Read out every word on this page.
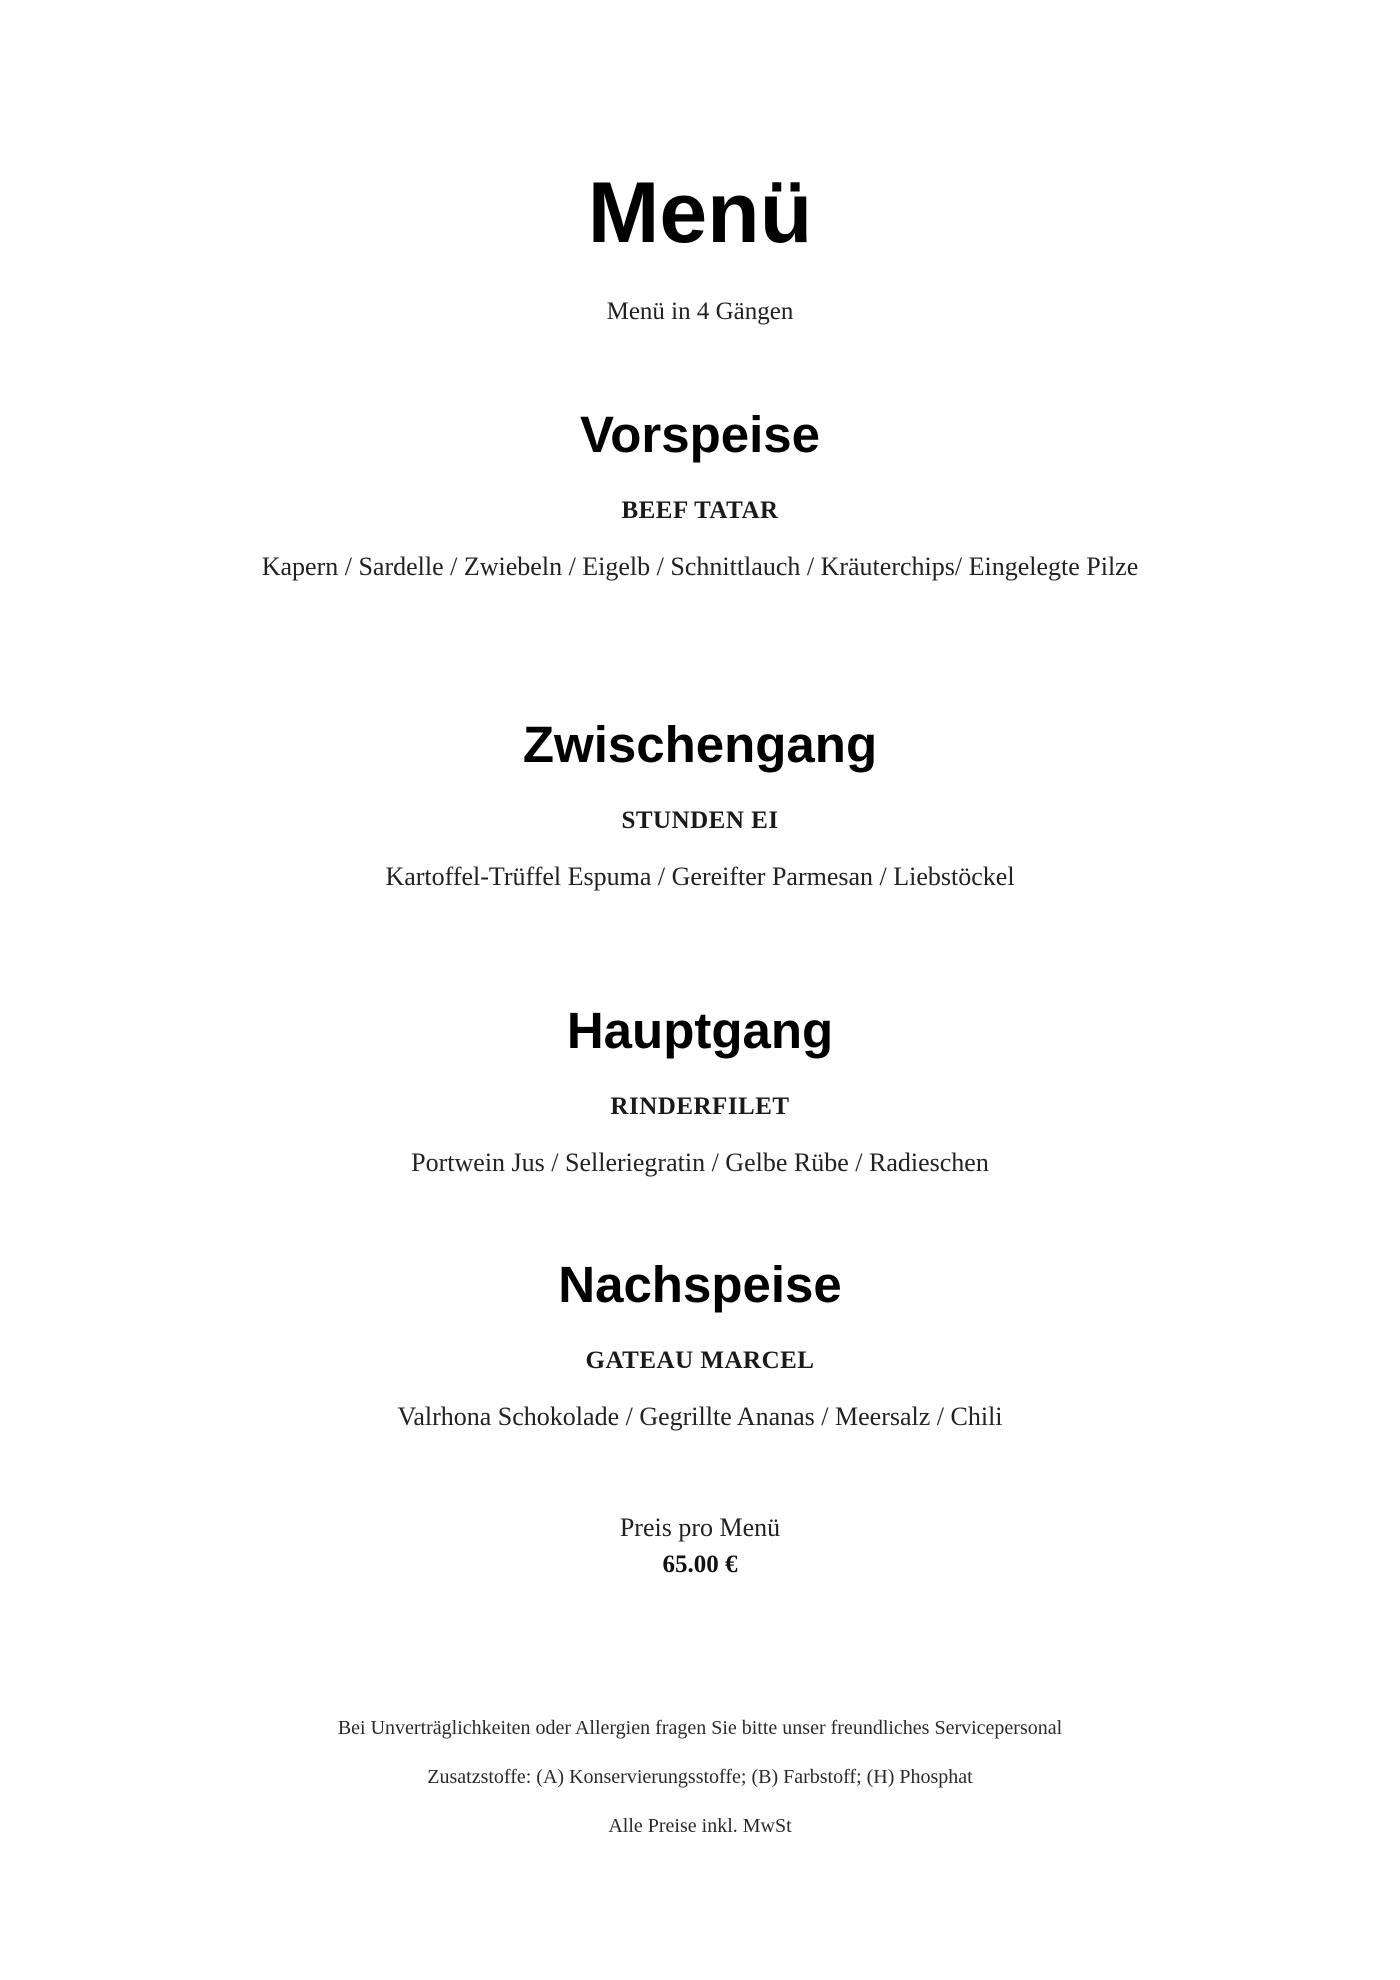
Menü
Menü in 4 Gängen
Vorspeise
BEEF TATAR
Kapern / Sardelle / Zwiebeln / Eigelb / Schnittlauch / Kräuterchips/ Eingelegte Pilze
Zwischengang
STUNDEN EI
Kartoffel-Trüffel Espuma / Gereifter Parmesan / Liebstöckel
Hauptgang
RINDERFILET
Portwein Jus / Selleriegratin / Gelbe Rübe / Radieschen
Nachspeise
GATEAU MARCEL
Valrhona Schokolade / Gegrillte Ananas / Meersalz / Chili
Preis pro Menü
65.00 €
Bei Unverträglichkeiten oder Allergien fragen Sie bitte unser freundliches Servicepersonal
Zusatzstoffe: (A) Konservierungsstoffe; (B) Farbstoff; (H) Phosphat
Alle Preise inkl. MwSt
